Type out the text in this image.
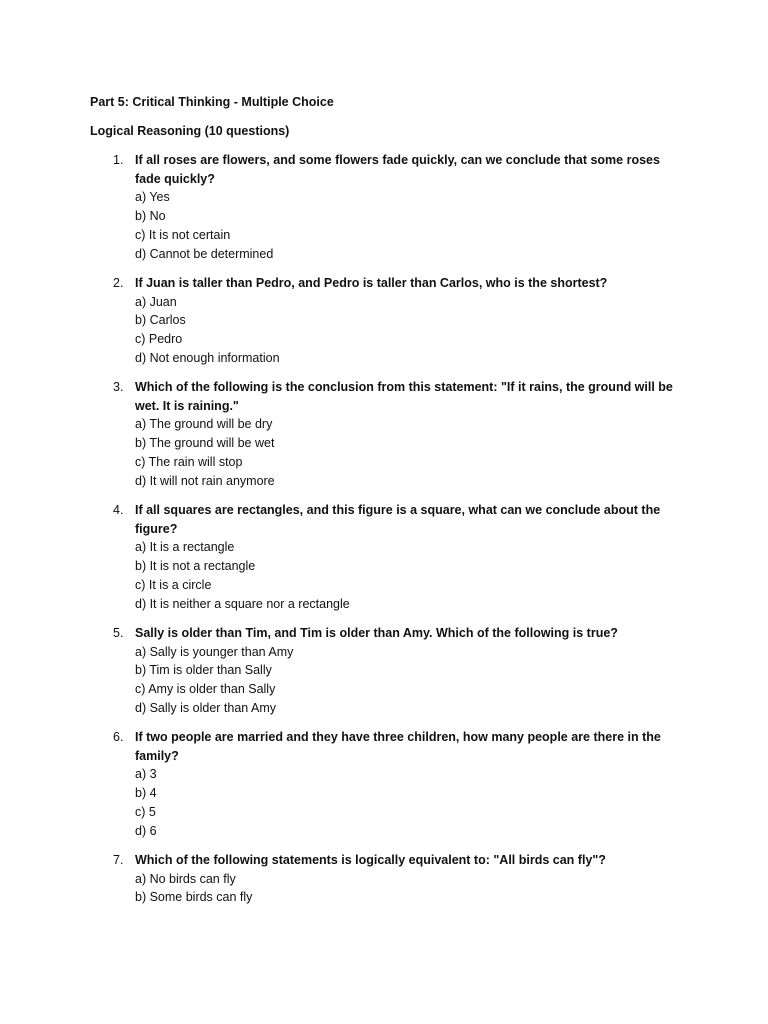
Part 5: Critical Thinking - Multiple Choice
Logical Reasoning (10 questions)
1. If all roses are flowers, and some flowers fade quickly, can we conclude that some roses fade quickly?

a) Yes
b) No
c) It is not certain
d) Cannot be determined
2. If Juan is taller than Pedro, and Pedro is taller than Carlos, who is the shortest?

a) Juan
b) Carlos
c) Pedro
d) Not enough information
3. Which of the following is the conclusion from this statement: "If it rains, the ground will be wet. It is raining."

a) The ground will be dry
b) The ground will be wet
c) The rain will stop
d) It will not rain anymore
4. If all squares are rectangles, and this figure is a square, what can we conclude about the figure?

a) It is a rectangle
b) It is not a rectangle
c) It is a circle
d) It is neither a square nor a rectangle
5. Sally is older than Tim, and Tim is older than Amy. Which of the following is true?

a) Sally is younger than Amy
b) Tim is older than Sally
c) Amy is older than Sally
d) Sally is older than Amy
6. If two people are married and they have three children, how many people are there in the family?

a) 3
b) 4
c) 5
d) 6
7. Which of the following statements is logically equivalent to: "All birds can fly"?

a) No birds can fly
b) Some birds can fly
